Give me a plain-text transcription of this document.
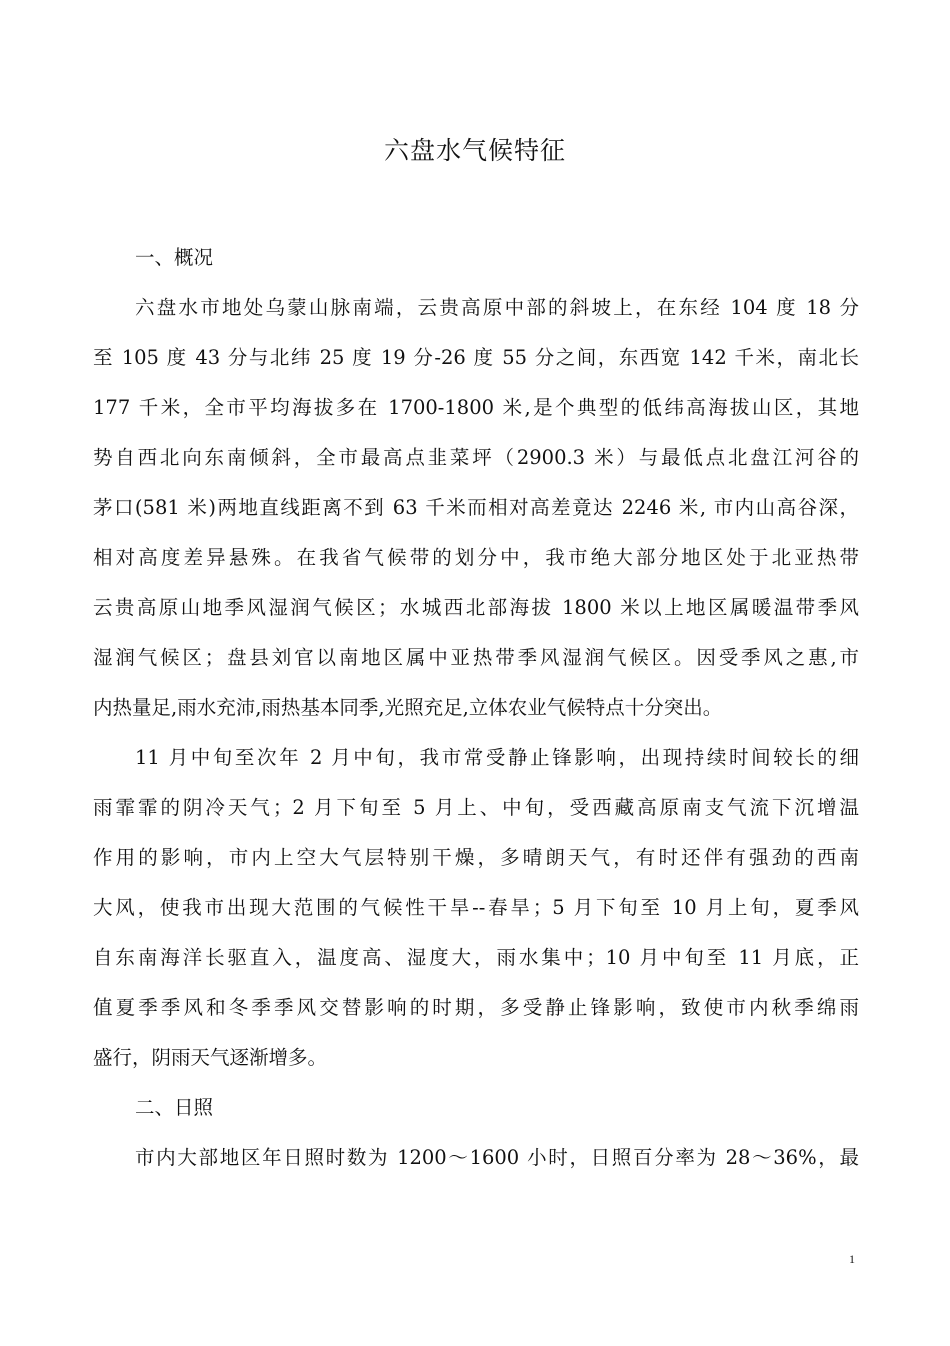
六盘水气候特征
一、概况
六盘水市地处乌蒙山脉南端，云贵高原中部的斜坡上，在东经 104 度 18 分
至 105 度 43 分与北纬 25 度 19 分-26 度 55 分之间，东西宽 142 千米，南北长
177 千米，全市平均海拔多在 1700-1800 米,是个典型的低纬高海拔山区，其地
势自西北向东南倾斜，全市最高点韭菜坪（2900.3 米）与最低点北盘江河谷的
茅口(581 米)两地直线距离不到 63 千米而相对高差竟达 2246 米, 市内山高谷深，
相对高度差异悬殊。在我省气候带的划分中，我市绝大部分地区处于北亚热带
云贵高原山地季风湿润气候区；水城西北部海拔 1800 米以上地区属暖温带季风
湿润气候区；盘县刘官以南地区属中亚热带季风湿润气候区。因受季风之惠,市
内热量足,雨水充沛,雨热基本同季,光照充足,立体农业气候特点十分突出。
11 月中旬至次年 2 月中旬，我市常受静止锋影响，出现持续时间较长的细
雨霏霏的阴冷天气；2 月下旬至 5 月上、中旬，受西藏高原南支气流下沉增温
作用的影响，市内上空大气层特别干燥，多晴朗天气，有时还伴有强劲的西南
大风，使我市出现大范围的气候性干旱--春旱；5 月下旬至 10 月上旬，夏季风
自东南海洋长驱直入，温度高、湿度大，雨水集中；10 月中旬至 11 月底，正
值夏季季风和冬季季风交替影响的时期，多受静止锋影响，致使市内秋季绵雨
盛行，阴雨天气逐渐增多。
二、日照
市内大部地区年日照时数为 1200～1600 小时，日照百分率为 28～36%，最
1
